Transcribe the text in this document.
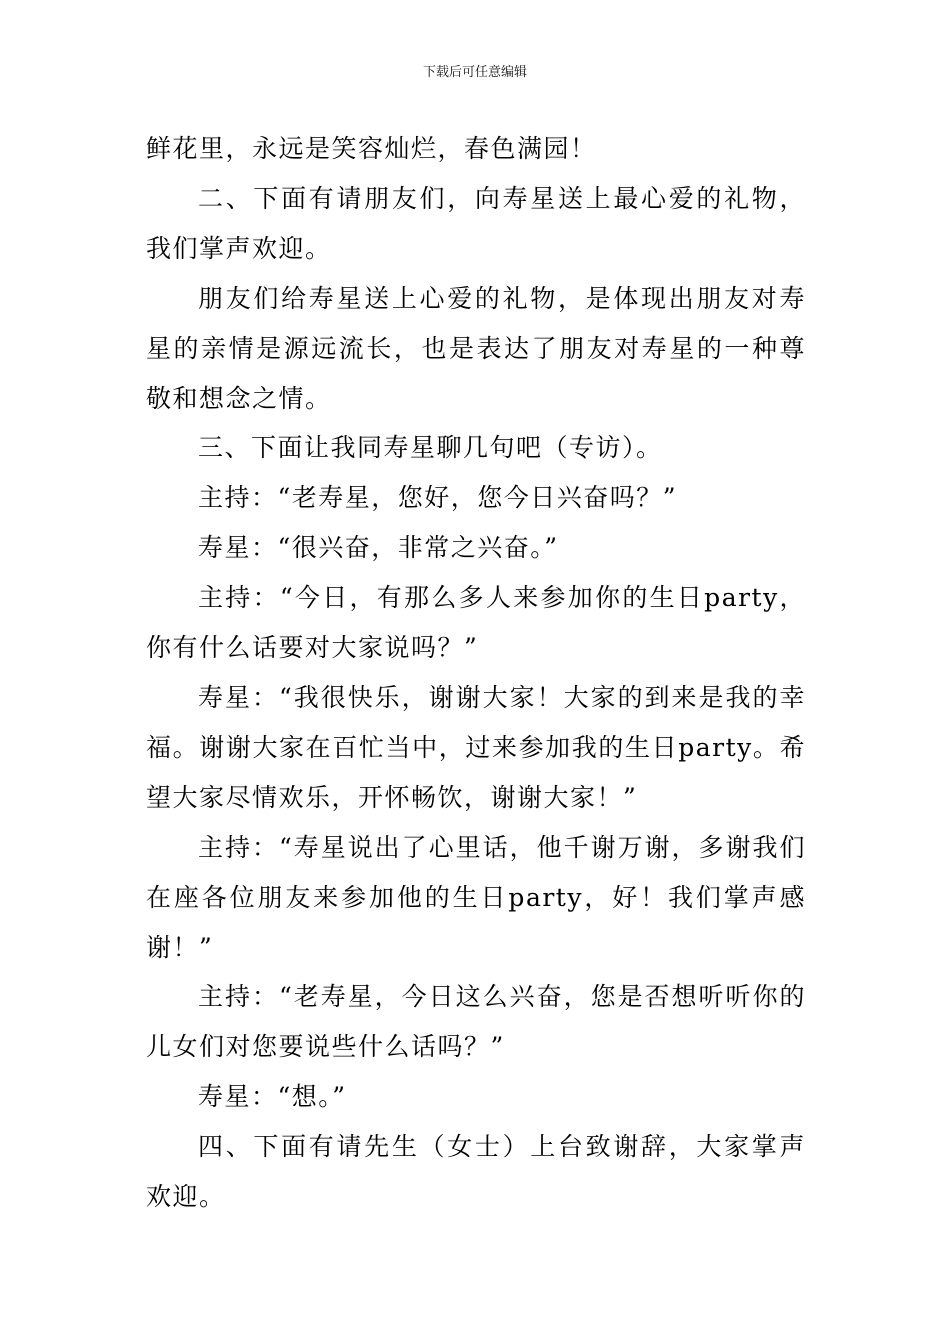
下载后可任意编辑

鲜花里，永远是笑容灿烂，春色满园！

二、下面有请朋友们，向寿星送上最心爱的礼物，我们掌声欢迎。

朋友们给寿星送上心爱的礼物，是体现出朋友对寿星的亲情是源远流长，也是表达了朋友对寿星的一种尊敬和想念之情。

三、下面让我同寿星聊几句吧（专访）。

主持：“老寿星，您好，您今日兴奋吗？”

寿星：“很兴奋，非常之兴奋。”

主持：“今日，有那么多人来参加你的生日party，你有什么话要对大家说吗？”

寿星：“我很快乐，谢谢大家！大家的到来是我的幸福。谢谢大家在百忙当中，过来参加我的生日party。希望大家尽情欢乐，开怀畅饮，谢谢大家！”

主持：“寿星说出了心里话，他千谢万谢，多谢我们在座各位朋友来参加他的生日party，好！我们掌声感谢！”

主持：“老寿星，今日这么兴奋，您是否想听听你的儿女们对您要说些什么话吗？”

寿星：“想。”

四、下面有请先生（女士）上台致谢辞，大家掌声欢迎。
